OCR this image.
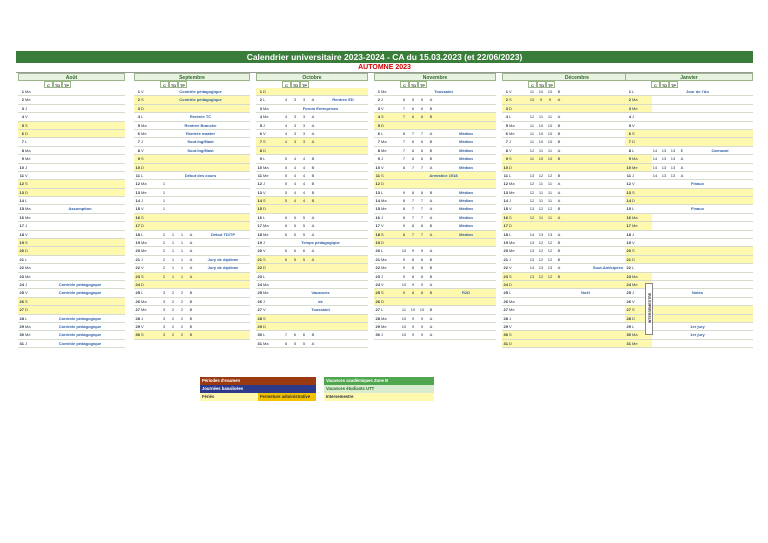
Calendrier universitaire 2023-2024 - CA du 15.03.2023 (et 22/06/2023)
AUTOMNE 2023
Août
C	TD TP
Septembre
C	TD TP
Octobre
C	TD TP
Novembre
C	TD TP
Décembre
C	TD TP
Janvier
C	TD TP
1 Ma
2 Me
3 J
4 V
5 S
6 D
7 L
8 Ma
9 Me
10 J
11 V
12 S
13 D
14 L
15 Ma	Assomption
16 Me
17 J
18 V
19 S
20 D
21 L
22 Ma
23 Me
24 J	Contrôle pédagogique
25 V	Contrôle pédagogique
26 S
27 D
28 L	Contrôle pédagogique
29 Ma	Contrôle pédagogique
30 Me	Contrôle pédagogique
31 J	Contrôle pédagogique
1 V	Contrôle pédagogique
2 S	Contrôle pédagogique
3 D
4 L	Rentrée TC
5 Ma	Rentrée Branche
6 Me	Rentrée master
7 J	Sout.Ing/Mast
8 V	Sout.Ing/Mast
9 S
10 D
11 L	Début des cours
12 Ma	1
13 Me	1
14 J	1
15 V	1
16 S
17 D
18 L	2	1	1	A	Début TD/TP
19 Ma	2	1	1	A
20 Me	2	1	1	A
21 J	2	1	1	A	Jury de diplôme
22 V	2	1	1	A	Jury de diplôme
23 S	2	1	1	A
24 D
25 L	3	2	2	B
26 Ma	3	2	2	B
27 Me	3	2	2	B
28 J	3	2	2	B
29 V	3	2	2	B
30 S	3	2	2	B
1 D
2 L	4	3	3	A	Rentrée ED
3 Ma	Forum Entreprises
4 Me	4	3	3	A
5 J	4	3	3	A
6 V	4	3	3	A
7 S	4	3	3	A
8 D
9 L	5	4	4	B
10 Ma	5	4	4	B
11 Me	5	4	4	B
12 J	5	4	4	B
13 V	5	4	4	B
14 S	5	4	4	B
15 D
16 L	6	5	5	A
17 Ma	6	5	5	A
18 Me	6	5	5	A
19 J	Temps pédagogique
20 V	6	6	6	A
21 S	6	5	5	A
22 D
23 L
24 Ma
25 Me	Vacances
26 J	de
27 V	Toussaint
28 S
29 D
30 L	7	6	6	B
31 Ma	6	5	5	A
1 Me	Toussaint
2 J	6	5	5	A
3 V	7	6	6	B
4 S	7	6	6	B
5 D
6 L	8	7	7	A	Médian
7 Ma	7	6	6	B	Médian
8 Me	7	6	6	B	Médian
9 J	7	6	6	B	Médian
10 V	8	7	7	A	Médian
11 S	Armistice 1918
12 D
13 L	9	8	8	B	Médian
14 Ma	8	7	7	A	Médian
15 Me	8	7	7	A	Médian
16 J	8	7	7	A	Médian
17 V	9	8	8	B	Médian
18 S	8	7	7	A	Médian
19 D
20 L	10	9	9	A
21 Ma	9	8	8	B
22 Me	9	8	8	B
23 J	9	8	8	B
24 V	10	9	9	A
25 S	9	8	8	B	R2D
26 D
27 L	11	10	10	B
28 Ma	10	9	9	A
29 Me	10	9	9	A
30 J	10	9	9	A
1 V	11	10	10	B
2 S	10	9	9	A
3 D
4 L	12	11	11	A
5 Ma	11	10	10	B
6 Me	11	10	10	B
7 J	11	10	10	B
8 V	12	11	11	A
9 S	11	10	10	B
10 D
11 L	13	12	12	B
12 Ma	12	11	11	A
13 Me	12	11	11	A
14 J	12	11	11	A
15 V	13	12	12	B
16 S	12	11	11	A
17 D
18 L	14	13	13	A
19 Ma	13	12	12	B
20 Me	13	12	12	B
21 J	13	12	12	B
22 V	14	13	13	A	Sout.Anticipées
23 S	13	12	12	B
24 D
25 L	Noël
26 Ma
27 Me
28 J
29 V
30 S
31 D
1 L	Jour de l'An
2 Ma
3 Me
4 J
5 V
6 S
7 D
8 L	14	13	13	E	Carnaval
9 Ma	14	13	13	A
10 Me	14	13	13	A
11 J	14	13	13	A
12 V	Finaux
13 S
14 D
15 L	Finaux
16 Ma
17 Me
18 J
19 V
20 S
21 D
22 L
23 Ma
24 Me
25 J	Notes
26 V
27 S
28 D
29 L	1er jury
30 Ma	1er jury
31 Me
INTERSEMESTRE
Périodes d'examen
Journées banalisées
Fériés	Fermeture administrative
Vacances académiques Zone B
Vacances étudiants UTT
Intersemestre
